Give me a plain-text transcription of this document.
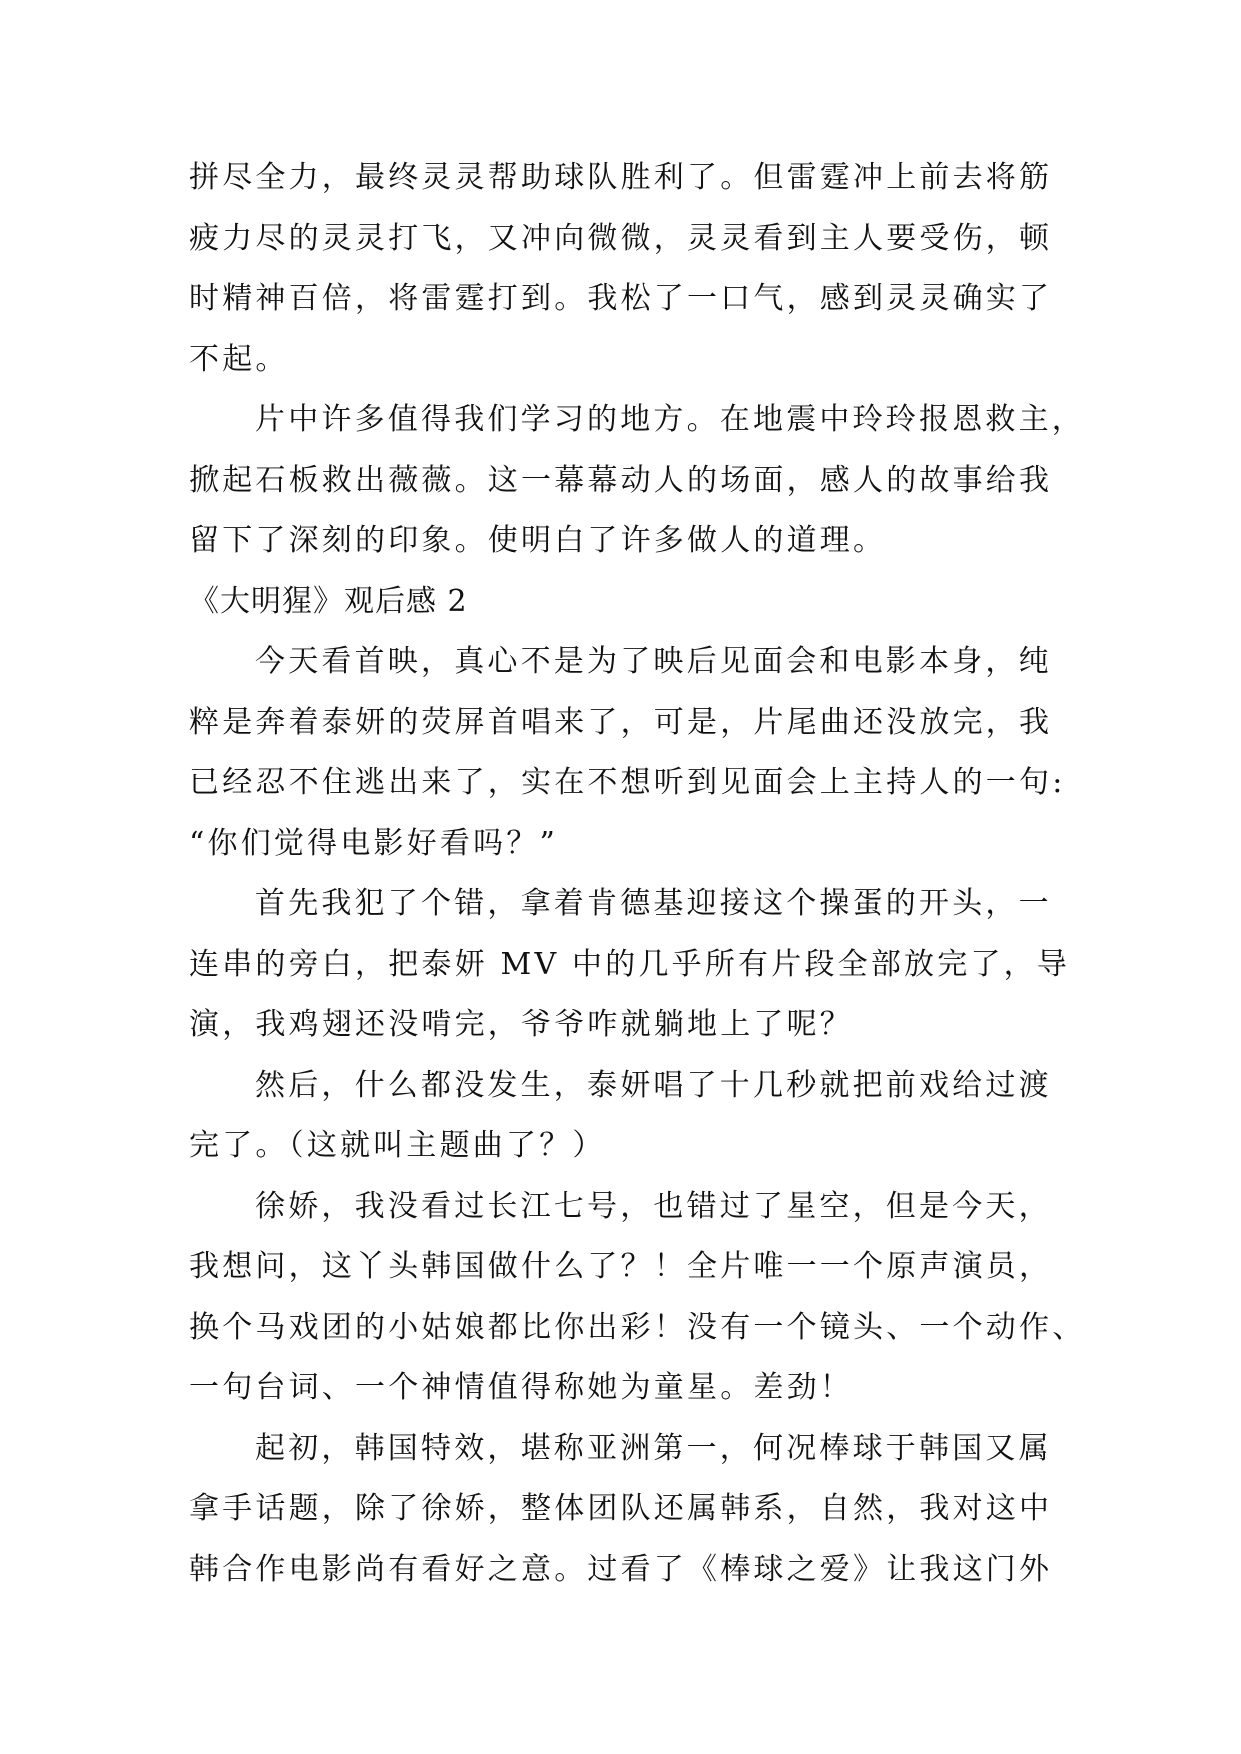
拼尽全力，最终灵灵帮助球队胜利了。但雷霆冲上前去将筋
疲力尽的灵灵打飞，又冲向微微，灵灵看到主人要受伤，顿
时精神百倍，将雷霆打到。我松了一口气，感到灵灵确实了
不起。
片中许多值得我们学习的地方。在地震中玲玲报恩救主，
掀起石板救出薇薇。这一幕幕动人的场面，感人的故事给我
留下了深刻的印象。使明白了许多做人的道理。
《大明猩》观后感 2
今天看首映，真心不是为了映后见面会和电影本身，纯
粹是奔着泰妍的荧屏首唱来了，可是，片尾曲还没放完，我
已经忍不住逃出来了，实在不想听到见面会上主持人的一句:
“你们觉得电影好看吗？”
首先我犯了个错，拿着肯德基迎接这个操蛋的开头，一
连串的旁白，把泰妍 MV 中的几乎所有片段全部放完了，导
演，我鸡翅还没啃完，爷爷咋就躺地上了呢？
然后，什么都没发生，泰妍唱了十几秒就把前戏给过渡
完了。（这就叫主题曲了？）
徐娇，我没看过长江七号，也错过了星空，但是今天，
我想问，这丫头韩国做什么了？！全片唯一一个原声演员，
换个马戏团的小姑娘都比你出彩！没有一个镜头、一个动作、
一句台词、一个神情值得称她为童星。差劲！
起初，韩国特效，堪称亚洲第一，何况棒球于韩国又属
拿手话题，除了徐娇，整体团队还属韩系，自然，我对这中
韩合作电影尚有看好之意。过看了《棒球之爱》让我这门外
